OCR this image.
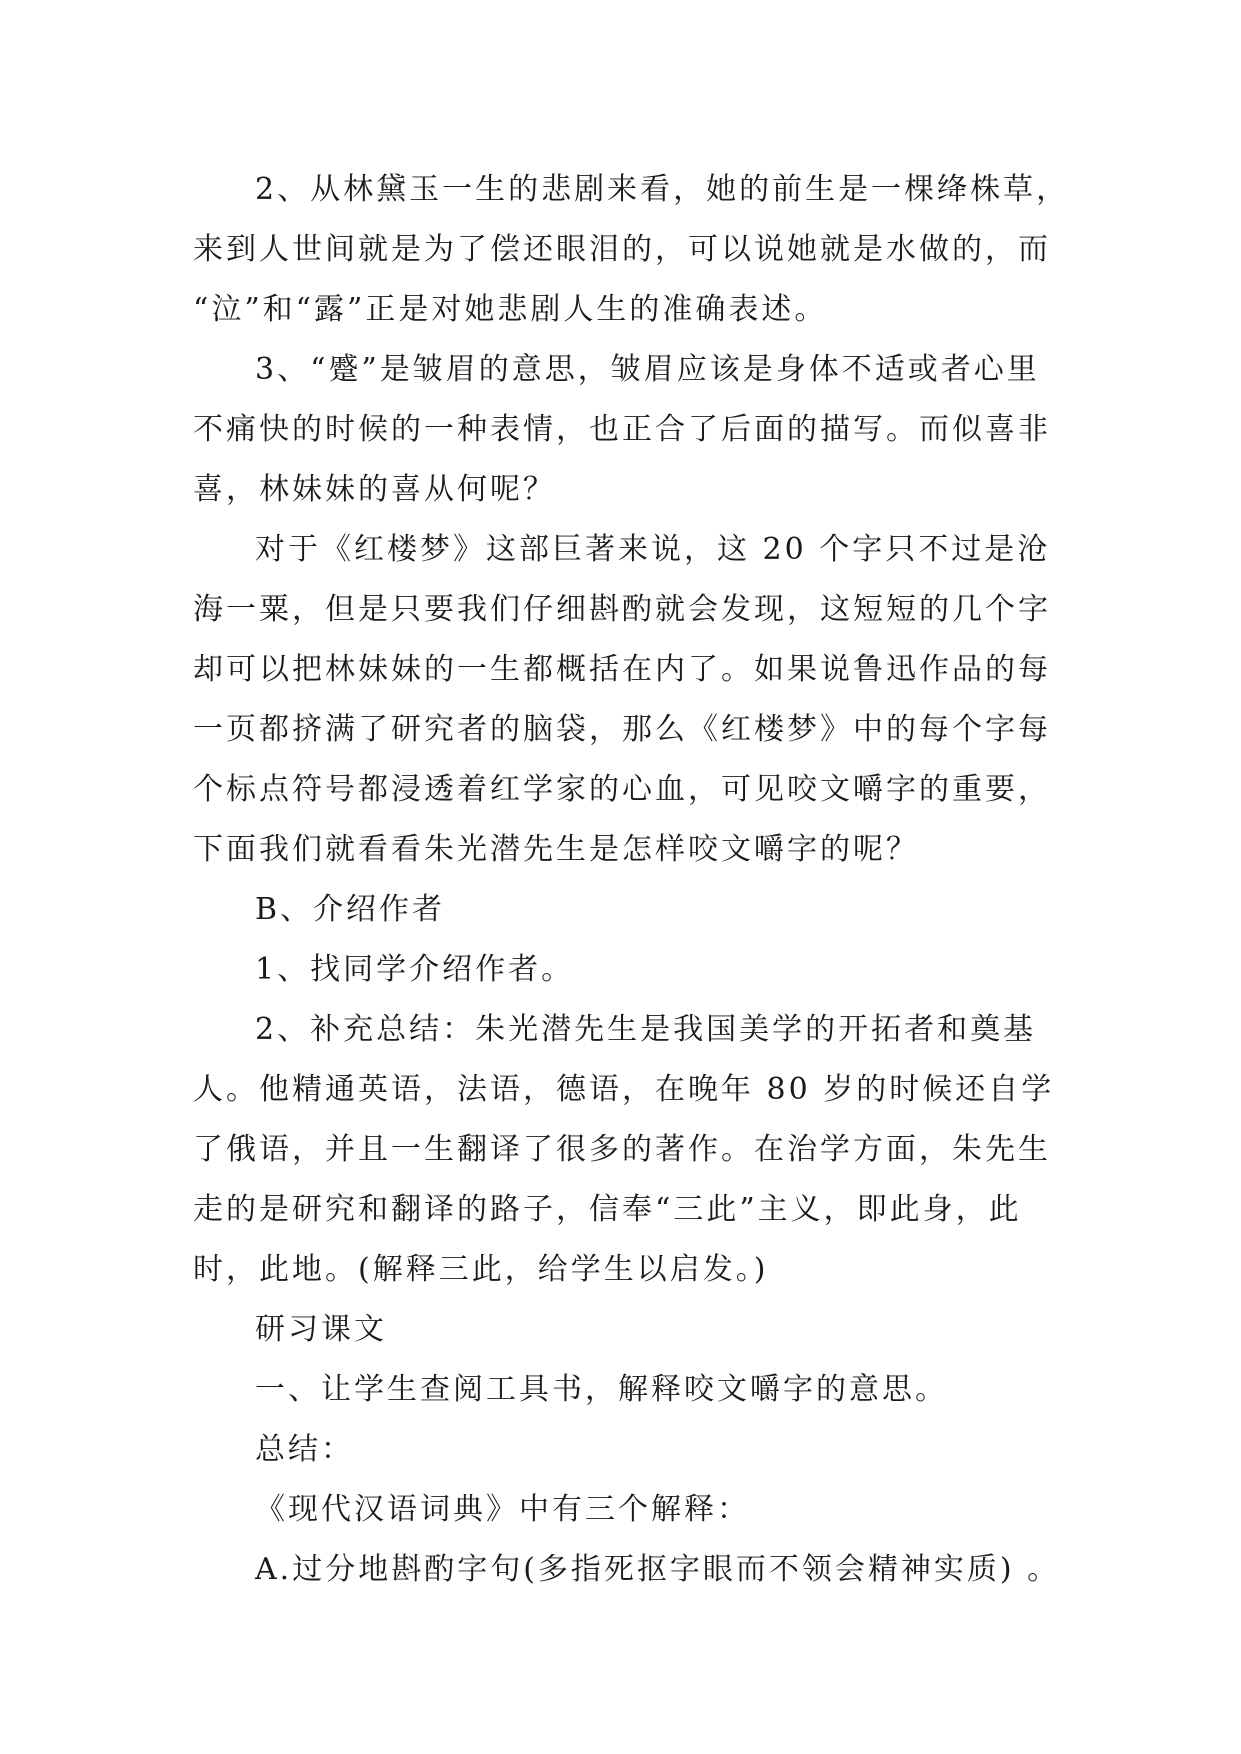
2、从林黛玉一生的悲剧来看，她的前生是一棵绛株草，

来到人世间就是为了偿还眼泪的，可以说她就是水做的，而

“泣”和“露”正是对她悲剧人生的准确表述。

3、“蹙”是皱眉的意思，皱眉应该是身体不适或者心里

不痛快的时候的一种表情，也正合了后面的描写。而似喜非

喜，林妹妹的喜从何呢？

对于《红楼梦》这部巨著来说，这 20 个字只不过是沧

海一粟，但是只要我们仔细斟酌就会发现，这短短的几个字

却可以把林妹妹的一生都概括在内了。如果说鲁迅作品的每

一页都挤满了研究者的脑袋，那么《红楼梦》中的每个字每

个标点符号都浸透着红学家的心血，可见咬文嚼字的重要，

下面我们就看看朱光潜先生是怎样咬文嚼字的呢？

B、介绍作者

1、找同学介绍作者。

2、补充总结：朱光潜先生是我国美学的开拓者和奠基

人。他精通英语，法语，德语，在晚年 80 岁的时候还自学

了俄语，并且一生翻译了很多的著作。在治学方面，朱先生

走的是研究和翻译的路子，信奉“三此”主义，即此身，此

时，此地。(解释三此，给学生以启发。)

研习课文

一、让学生查阅工具书，解释咬文嚼字的意思。

总结：

《现代汉语词典》中有三个解释：

A.过分地斟酌字句(多指死抠字眼而不领会精神实质) 。
